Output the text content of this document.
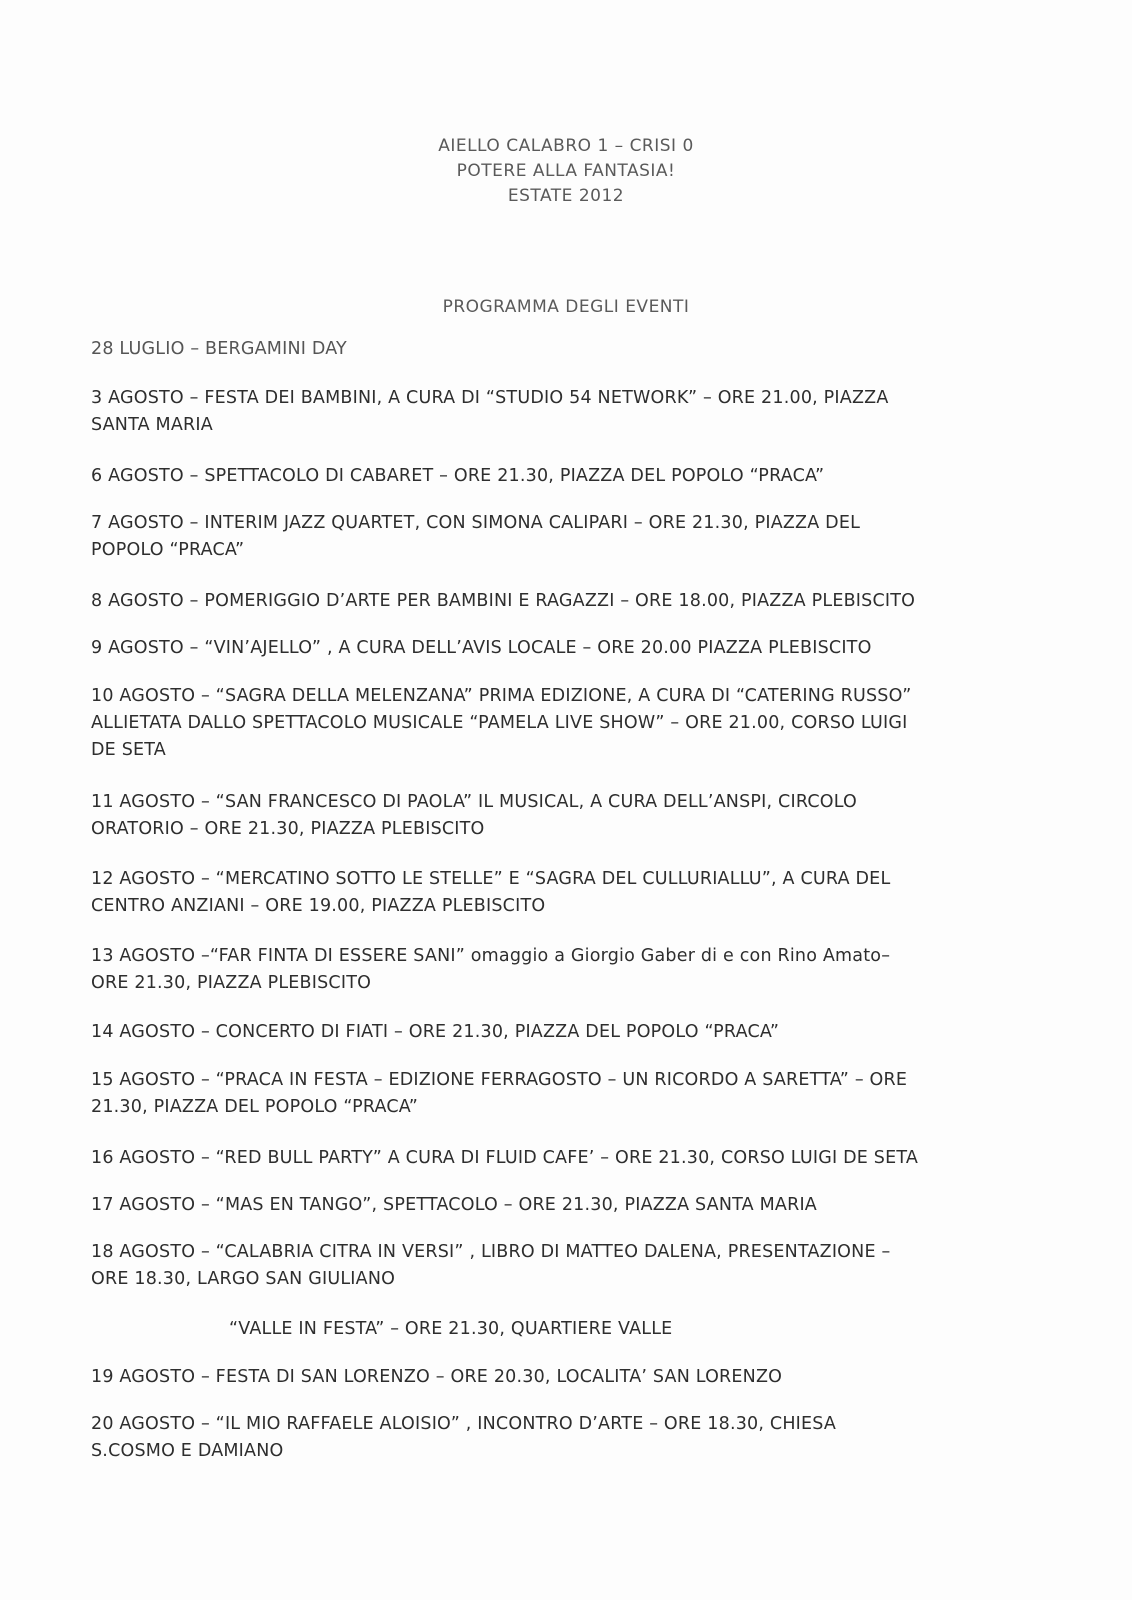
AIELLO CALABRO 1 – CRISI 0
POTERE ALLA FANTASIA!
ESTATE 2012
PROGRAMMA DEGLI EVENTI
28 LUGLIO – BERGAMINI DAY
3 AGOSTO – FESTA DEI BAMBINI, A CURA DI “STUDIO 54 NETWORK” – ORE 21.00, PIAZZA
SANTA MARIA
6 AGOSTO – SPETTACOLO DI CABARET – ORE 21.30, PIAZZA DEL POPOLO “PRACA”
7 AGOSTO – INTERIM JAZZ QUARTET, CON SIMONA CALIPARI – ORE 21.30, PIAZZA DEL
POPOLO “PRACA”
8 AGOSTO – POMERIGGIO D’ARTE PER BAMBINI E RAGAZZI – ORE 18.00, PIAZZA PLEBISCITO
9 AGOSTO – “VIN’AJELLO” , A CURA DELL’AVIS LOCALE – ORE 20.00 PIAZZA PLEBISCITO
10 AGOSTO – “SAGRA DELLA MELENZANA” PRIMA EDIZIONE, A CURA DI “CATERING RUSSO”
ALLIETATA DALLO SPETTACOLO MUSICALE “PAMELA LIVE SHOW” – ORE 21.00, CORSO LUIGI
DE SETA
11 AGOSTO – “SAN FRANCESCO DI PAOLA” IL MUSICAL, A CURA DELL’ANSPI, CIRCOLO
ORATORIO – ORE 21.30, PIAZZA PLEBISCITO
12 AGOSTO – “MERCATINO SOTTO LE STELLE” E “SAGRA DEL CULLURIALLU”, A CURA DEL
CENTRO ANZIANI – ORE 19.00, PIAZZA PLEBISCITO
13 AGOSTO –“FAR FINTA DI ESSERE SANI” omaggio a Giorgio Gaber di e con Rino Amato–
ORE 21.30, PIAZZA PLEBISCITO
14 AGOSTO – CONCERTO DI FIATI – ORE 21.30, PIAZZA DEL POPOLO “PRACA”
15 AGOSTO – “PRACA IN FESTA – EDIZIONE FERRAGOSTO – UN RICORDO A SARETTA” – ORE
21.30, PIAZZA DEL POPOLO “PRACA”
16 AGOSTO – “RED BULL PARTY” A CURA DI FLUID CAFE’ – ORE 21.30, CORSO LUIGI DE SETA
17 AGOSTO – “MAS EN TANGO”, SPETTACOLO – ORE 21.30, PIAZZA SANTA MARIA
18 AGOSTO – “CALABRIA CITRA IN VERSI” , LIBRO DI MATTEO DALENA, PRESENTAZIONE –
ORE 18.30, LARGO SAN GIULIANO
“VALLE IN FESTA” – ORE 21.30, QUARTIERE VALLE
19 AGOSTO – FESTA DI SAN LORENZO – ORE 20.30, LOCALITA’ SAN LORENZO
20 AGOSTO – “IL MIO RAFFAELE ALOISIO” , INCONTRO D’ARTE – ORE 18.30, CHIESA
S.COSMO E DAMIANO
